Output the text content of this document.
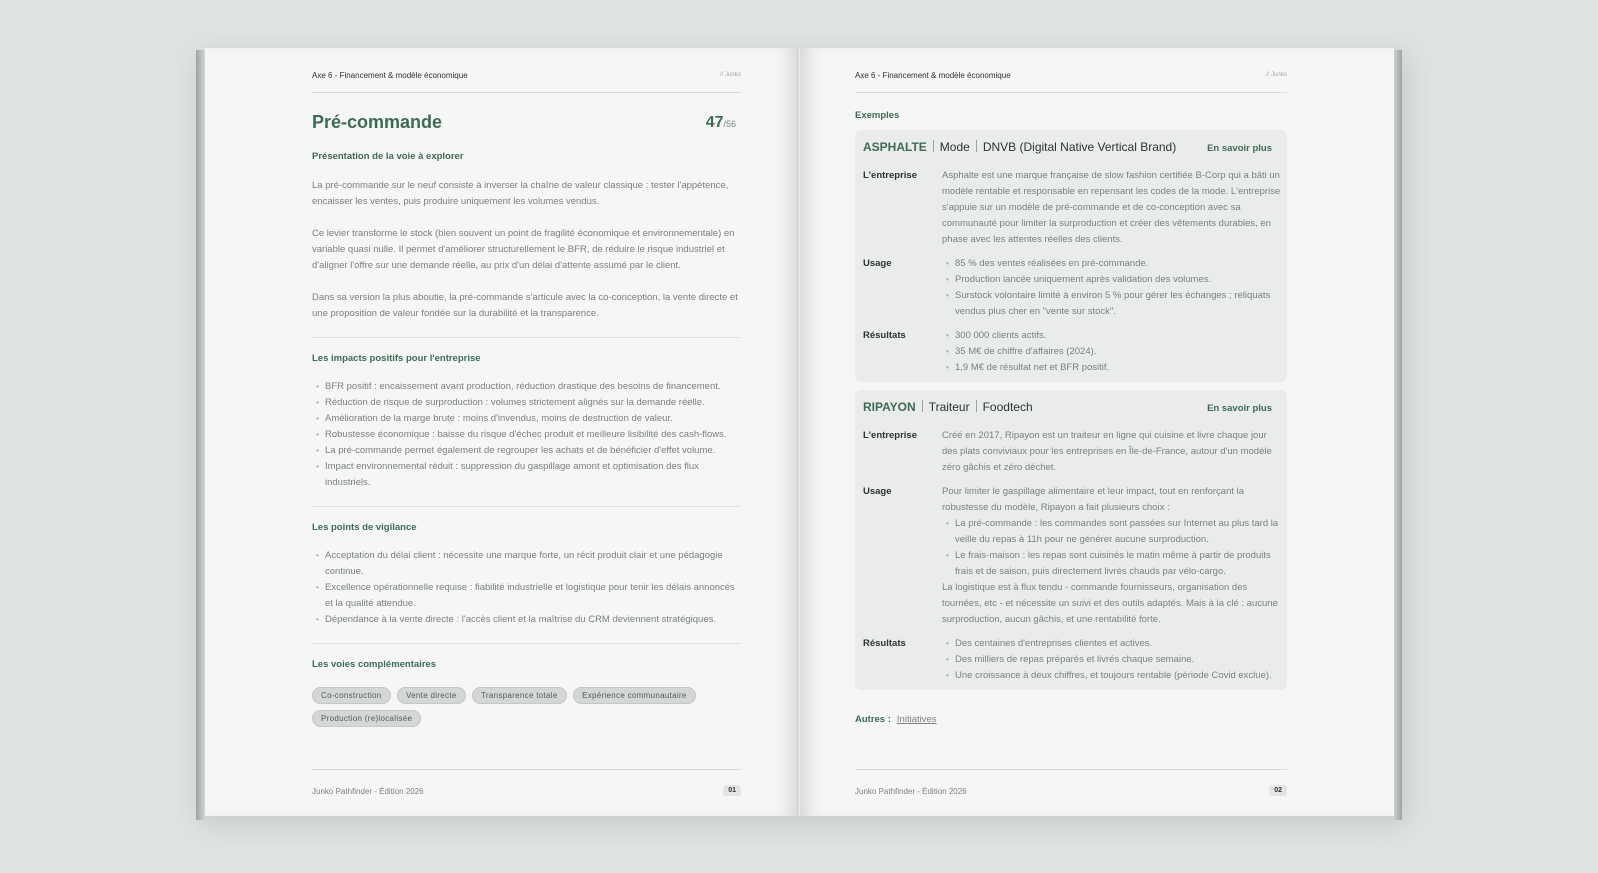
Axe 6 - Financement & modèle économique	// Junko
Pré-commande	47/56
Présentation de la voie à explorer
La pré-commande sur le neuf consiste à inverser la chaîne de valeur classique : tester l'appétence, encaisser les ventes, puis produire uniquement les volumes vendus.
Ce levier transforme le stock (bien souvent un point de fragilité économique et environnementale) en variable quasi nulle. Il permet d'améliorer structurellement le BFR, de réduire le risque industriel et d'aligner l'offre sur une demande réelle, au prix d'un délai d'attente assumé par le client.
Dans sa version la plus aboutie, la pré-commande s'articule avec la co-conception, la vente directe et une proposition de valeur fondée sur la durabilité et la transparence.
Les impacts positifs pour l'entreprise
• BFR positif : encaissement avant production, réduction drastique des besoins de financement.
• Réduction de risque de surproduction : volumes strictement alignés sur la demande réelle.
• Amélioration de la marge brute : moins d'invendus, moins de destruction de valeur.
• Robustesse économique : baisse du risque d'échec produit et meilleure lisibilité des cash-flows.
• La pré-commande permet également de regrouper les achats et de bénéficier d'effet volume.
• Impact environnemental réduit : suppression du gaspillage amont et optimisation des flux industriels.
Les points de vigilance
• Acceptation du délai client : nécessite une marque forte, un récit produit clair et une pédagogie continue.
• Excellence opérationnelle requise : fiabilité industrielle et logistique pour tenir les délais annoncés et la qualité attendue.
• Dépendance à la vente directe : l'accès client et la maîtrise du CRM deviennent stratégiques.
Les voies complémentaires
Co-construction	Vente directe	Transparence totale	Expérience communautaire Production (re)localisée
Junko Pathfinder - Édition 2026	01
Axe 6 - Financement & modèle économique	// Junko
Exemples
ASPHALTE Mode DNVB (Digital Native Vertical Brand)	En savoir plus
L'entreprise	Asphalte est une marque française de slow fashion certifiée B-Corp qui a bâti un modèle rentable et responsable en repensant les codes de la mode. L'entreprise s'appuie sur un modèle de pré-commande et de co-conception avec sa communauté pour limiter la surproduction et créer des vêtements durables, en phase avec les attentes réelles des clients.
Usage	• 85 % des ventes réalisées en pré-commande.
• Production lancée uniquement après validation des volumes.
• Surstock volontaire limité à environ 5 % pour gérer les échanges ; reliquats vendus plus cher en "vente sur stock".
Résultats	• 300 000 clients actifs.
• 35 M€ de chiffre d'affaires (2024).
• 1,9 M€ de résultat net et BFR positif.
RIPAYON Traiteur Foodtech	En savoir plus
L'entreprise	Créé en 2017, Ripayon est un traiteur en ligne qui cuisine et livre chaque jour des plats conviviaux pour les entreprises en Île-de-France, autour d'un modèle zéro gâchis et zéro déchet.
Usage	Pour limiter le gaspillage alimentaire et leur impact, tout en renforçant la robustesse du modèle, Ripayon a fait plusieurs choix :
• La pré-commande : les commandes sont passées sur Internet au plus tard la veille du repas à 11h pour ne générer aucune surproduction.
• Le frais-maison : les repas sont cuisinés le matin même à partir de produits frais et de saison, puis directement livrés chauds par vélo-cargo.
La logistique est à flux tendu - commande fournisseurs, organisation des tournées, etc - et nécessite un suivi et des outils adaptés. Mais à la clé : aucune surproduction, aucun gâchis, et une rentabilité forte.
Résultats	• Des centaines d'entreprises clientes et actives.
• Des milliers de repas préparés et livrés chaque semaine.
• Une croissance à deux chiffres, et toujours rentable (période Covid exclue).
Autres : Initiatives
Junko Pathfinder - Édition 2026	02
